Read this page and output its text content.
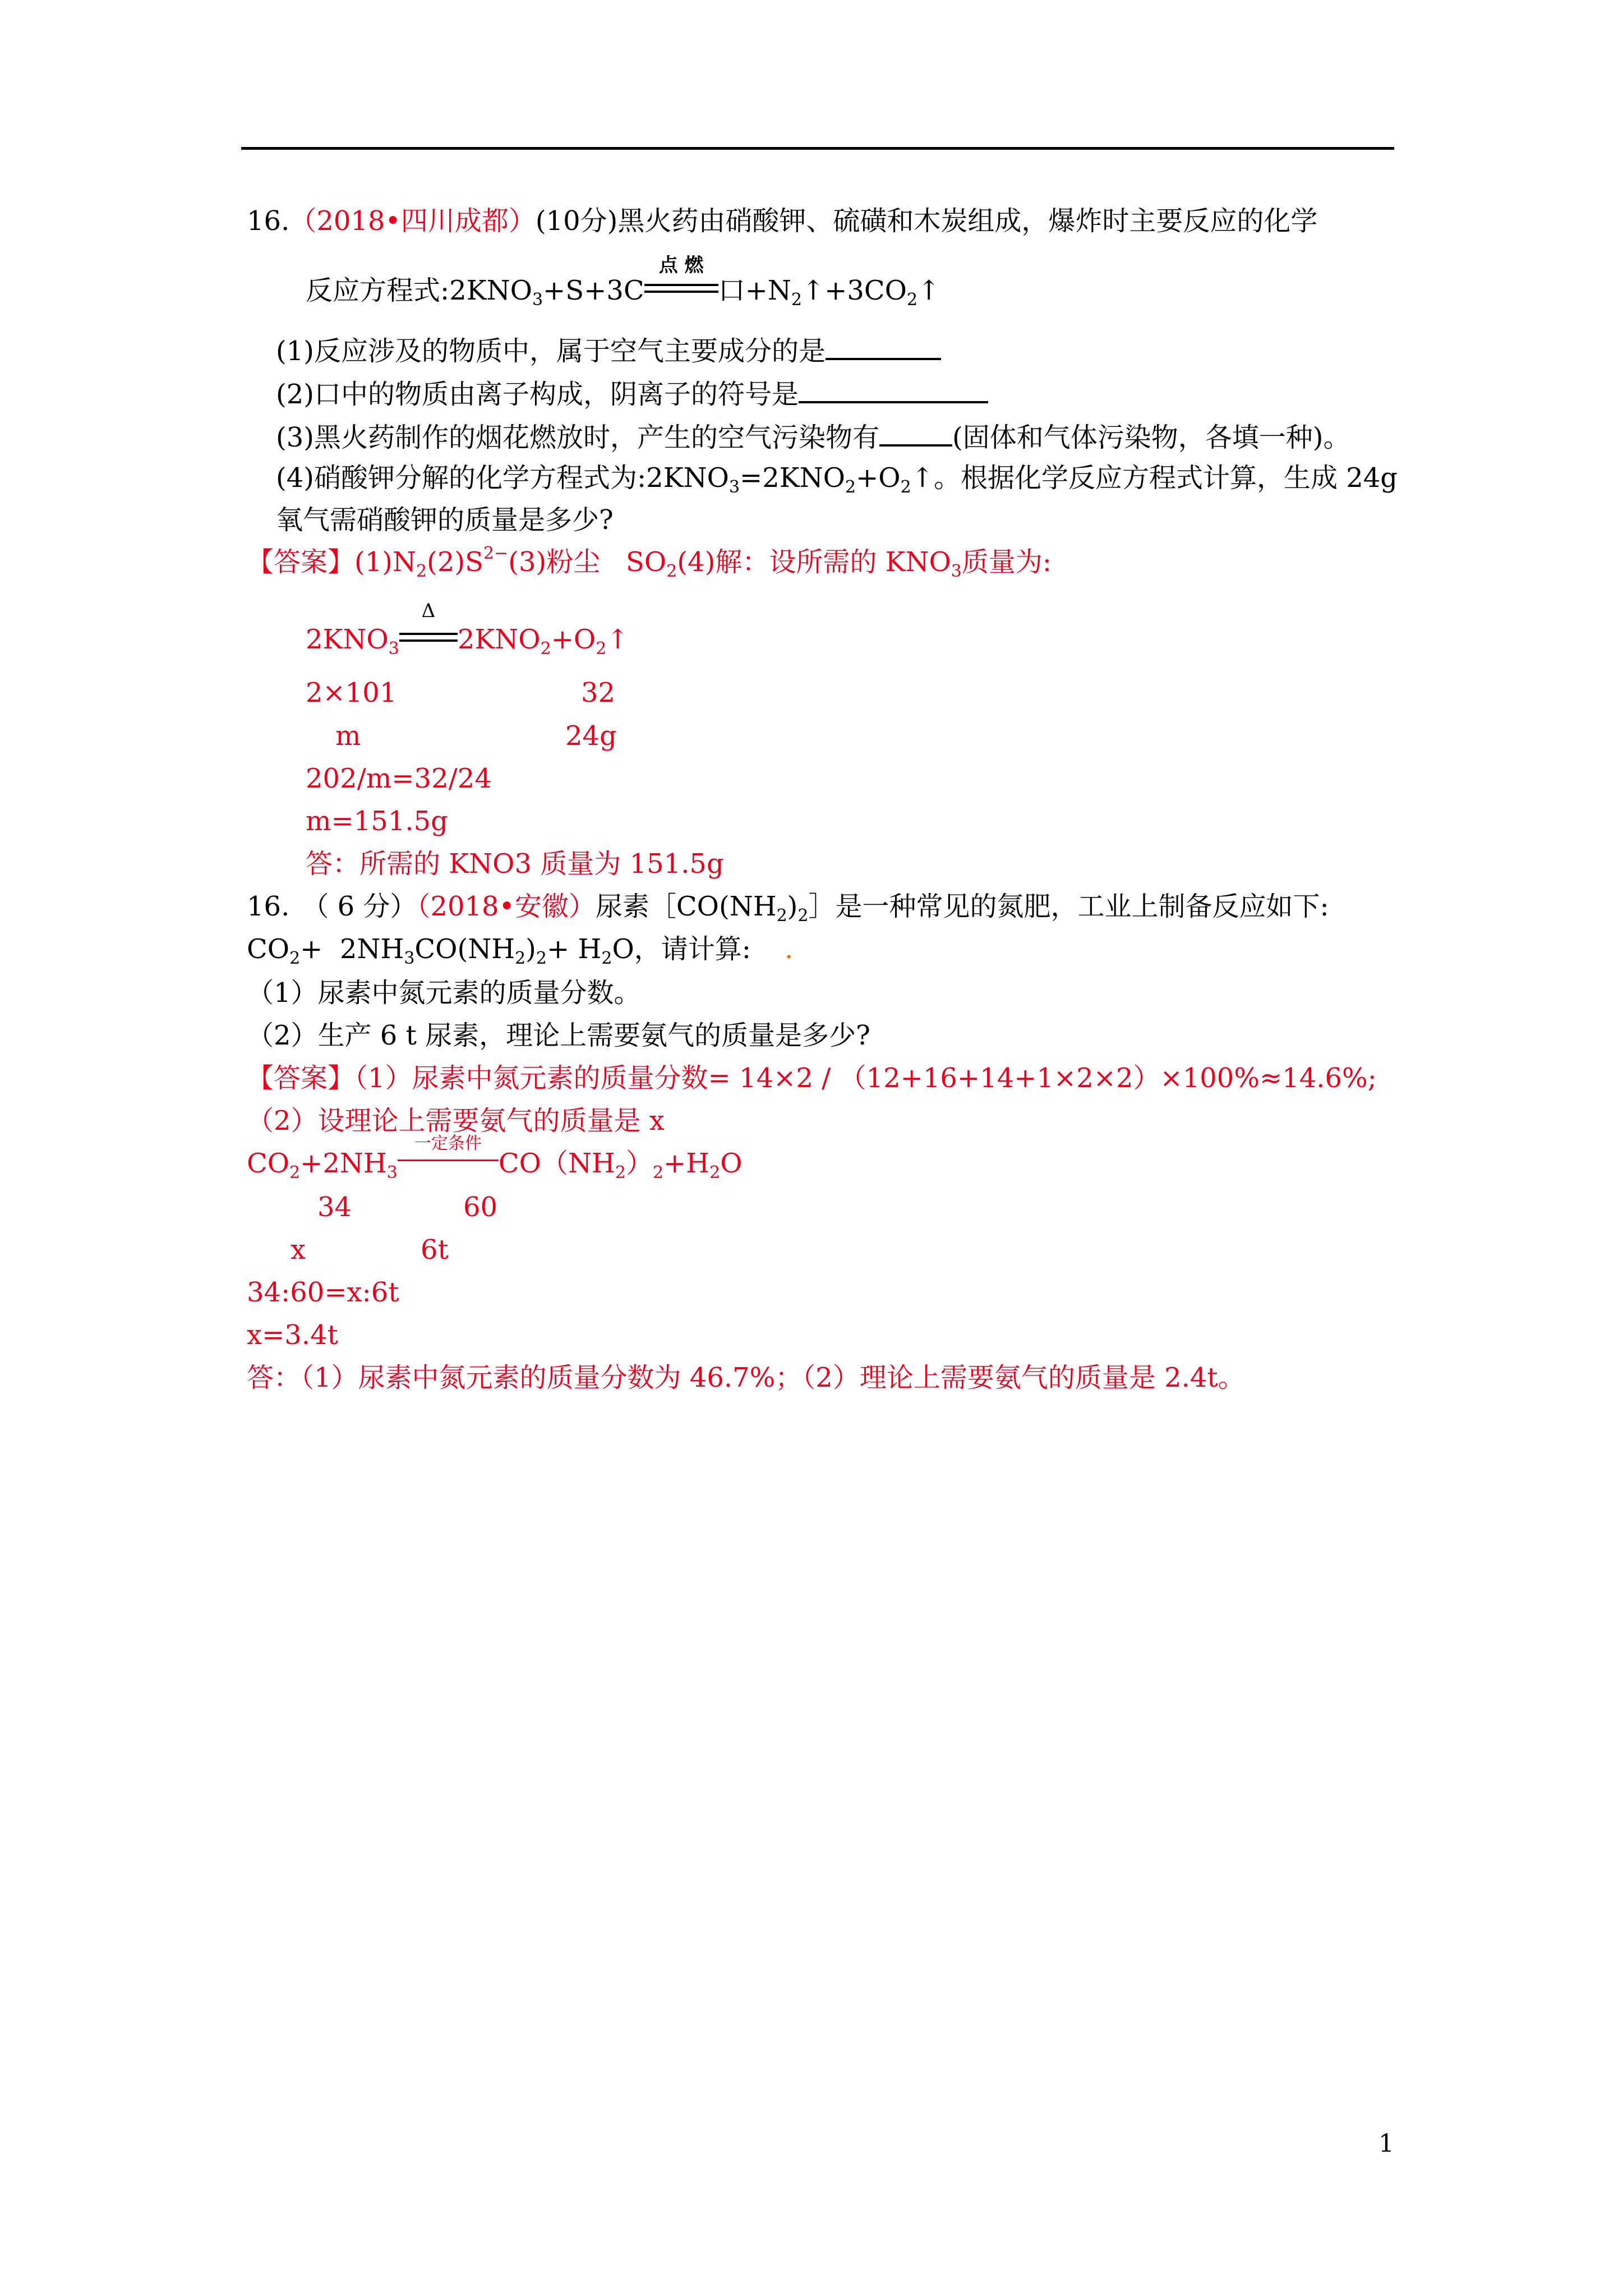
16.（2018•四川成都）(10分)黑火药由硝酸钾、硫磺和木炭组成，爆炸时主要反应的化学
反应方程式$:2KNO_3+S+3C$
点 燃
口$+N_2↑+3CO_2↑$
(1)反应涉及的物质中，属于空气主要成分的是
(2)口中的物质由离子构成，阴离子的符号是
(3)黑火药制作的烟花燃放时，产生的空气污染物有	(固体和气体污染物，各填一种)。
(4)硝酸钾分解的化学方程式为$:2KNO_3=2KNO_2+O_2↑$。根据化学反应方程式计算，生成 24g
氧气需硝酸钾的质量是多少?
【答案】$(1)N_2(2)S^{2-}(3)$粉尘   $SO_2(4)$解：设所需的 $KNO_3$质量为:
$2KNO_3$
Δ
$2KNO_2+O_2↑$
2×101	32
m	24g
202/m=32/24
m=151.5g
答：所需的 KNO3 质量为 151.5g
16. （ 6 分）（2018•安徽）尿素$[CO(NH_2)_2]$是一种常见的氮肥，工业上制备反应如下:
$CO_2+ 2NH_3CO(NH_2)_2+ H_2O$，请计算: .
（1）尿素中氮元素的质量分数。
（2）生产 6 t 尿素，理论上需要氨气的质量是多少?
【答案】（1）尿素中氮元素的质量分数= 14×2 / （12+16+14+1×2×2）×100%≈14.6%;
（2）设理论上需要氨气的质量是 x
$CO_2+2NH_3$
一定条件
$CO(NH_2)_2+H_2O$
34	60
x	6t
34:60=x:6t
x=3.4t
答：（1）尿素中氮元素的质量分数为 46.7%；（2）理论上需要氨气的质量是 2.4t。
1
